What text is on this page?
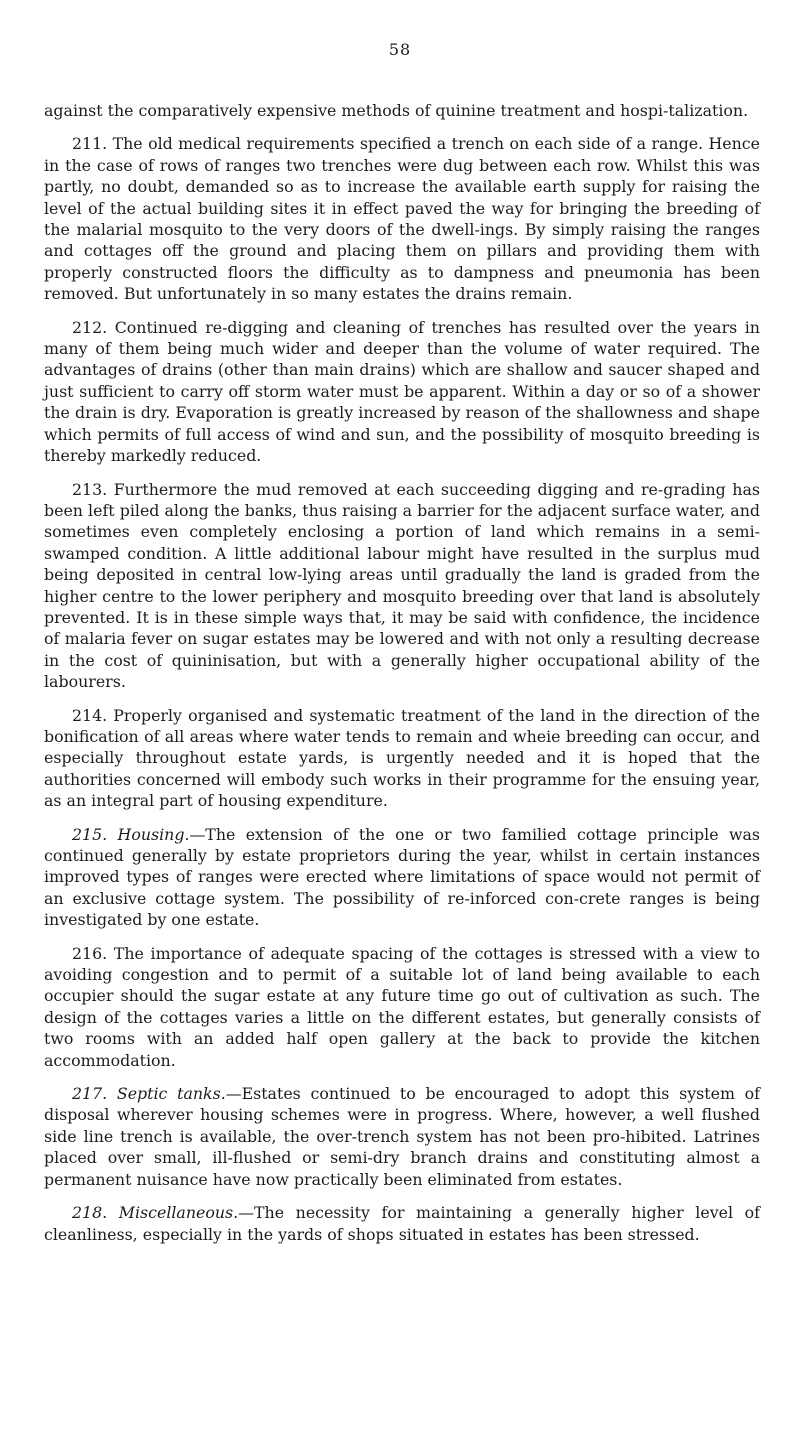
58

against the comparatively expensive methods of quinine treatment and hospi-talization.

211. The old medical requirements specified a trench on each side of a range. Hence in the case of rows of ranges two trenches were dug between each row. Whilst this was partly, no doubt, demanded so as to increase the available earth supply for raising the level of the actual building sites it in effect paved the way for bringing the breeding of the malarial mosquito to the very doors of the dwell-ings. By simply raising the ranges and cottages off the ground and placing them on pillars and providing them with properly constructed floors the difficulty as to dampness and pneumonia has been removed. But unfortunately in so many estates the drains remain.

212. Continued re-digging and cleaning of trenches has resulted over the years in many of them being much wider and deeper than the volume of water required. The advantages of drains (other than main drains) which are shallow and saucer shaped and just sufficient to carry off storm water must be apparent. Within a day or so of a shower the drain is dry. Evaporation is greatly increased by reason of the shallowness and shape which permits of full access of wind and sun, and the possibility of mosquito breeding is thereby markedly reduced.

213. Furthermore the mud removed at each succeeding digging and re-grading has been left piled along the banks, thus raising a barrier for the adjacent surface water, and sometimes even completely enclosing a portion of land which remains in a semi-swamped condition. A little additional labour might have resulted in the surplus mud being deposited in central low-lying areas until gradually the land is graded from the higher centre to the lower periphery and mosquito breeding over that land is absolutely prevented. It is in these simple ways that, it may be said with confidence, the incidence of malaria fever on sugar estates may be lowered and with not only a resulting decrease in the cost of quininisation, but with a generally higher occupational ability of the labourers.

214. Properly organised and systematic treatment of the land in the direction of the bonification of all areas where water tends to remain and wheie breeding can occur, and especially throughout estate yards, is urgently needed and it is hoped that the authorities concerned will embody such works in their programme for the ensuing year, as an integral part of housing expenditure.

215. Housing.—The extension of the one or two familied cottage principle was continued generally by estate proprietors during the year, whilst in certain instances improved types of ranges were erected where limitations of space would not permit of an exclusive cottage system. The possibility of re-inforced con-crete ranges is being investigated by one estate.

216. The importance of adequate spacing of the cottages is stressed with a view to avoiding congestion and to permit of a suitable lot of land being available to each occupier should the sugar estate at any future time go out of cultivation as such. The design of the cottages varies a little on the different estates, but generally consists of two rooms with an added half open gallery at the back to provide the kitchen accommodation.

217. Septic tanks.—Estates continued to be encouraged to adopt this system of disposal wherever housing schemes were in progress. Where, however, a well flushed side line trench is available, the over-trench system has not been pro-hibited. Latrines placed over small, ill-flushed or semi-dry branch drains and constituting almost a permanent nuisance have now practically been eliminated from estates.

218. Miscellaneous.—The necessity for maintaining a generally higher level of cleanliness, especially in the yards of shops situated in estates has been stressed.
